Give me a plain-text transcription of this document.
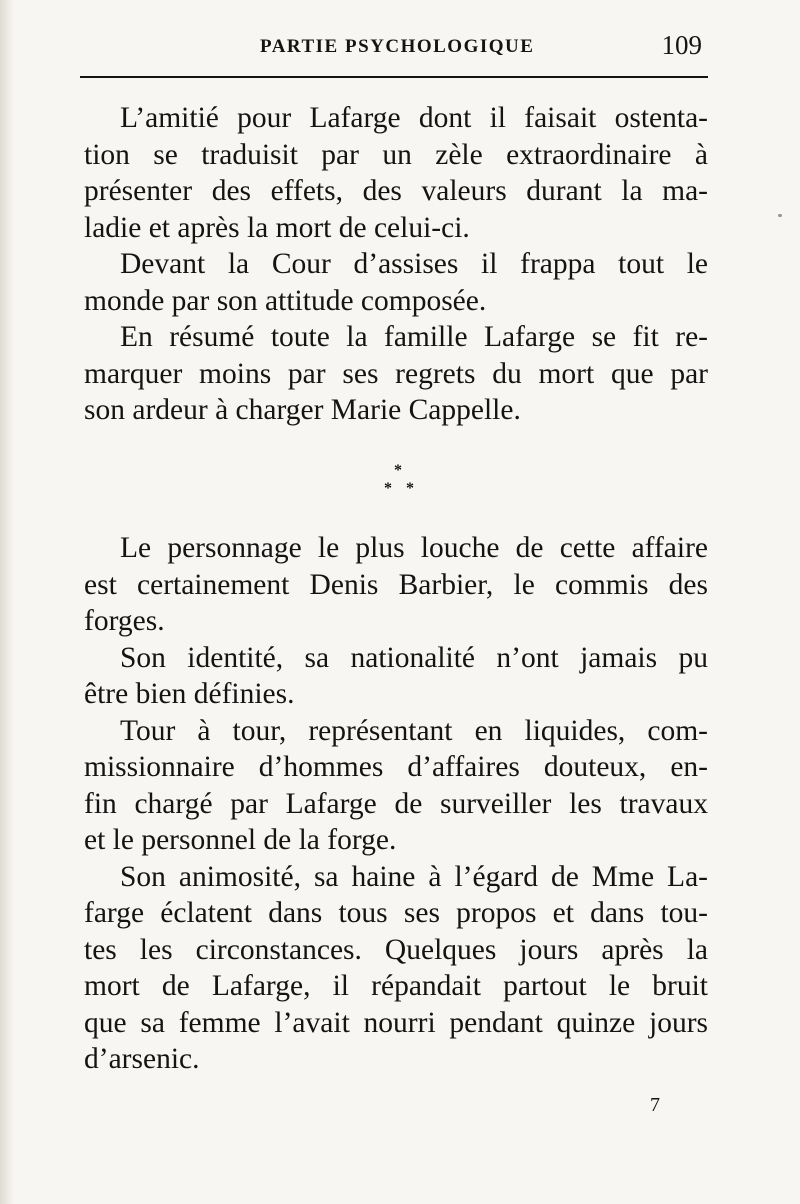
PARTIE PSYCHOLOGIQUE	109

L’amitié pour Lafarge dont il faisait ostenta-
tion se traduisit par un zèle extraordinaire à
présenter des effets, des valeurs durant la ma-
ladie et après la mort de celui-ci.

Devant la Cour d’assises il frappa tout le
monde par son attitude composée.

En résumé toute la famille Lafarge se fit re-
marquer moins par ses regrets du mort que par
son ardeur à charger Marie Cappelle.

*
* *

Le personnage le plus louche de cette affaire
est certainement Denis Barbier, le commis des
forges.

Son identité, sa nationalité n’ont jamais pu
être bien définies.

Tour à tour, représentant en liquides, com-
missionnaire d’hommes d’affaires douteux, en-
fin chargé par Lafarge de surveiller les travaux
et le personnel de la forge.

Son animosité, sa haine à l’égard de Mme La-
farge éclatent dans tous ses propos et dans tou-
tes les circonstances. Quelques jours après la
mort de Lafarge, il répandait partout le bruit
que sa femme l’avait nourri pendant quinze jours
d’arsenic.

7
